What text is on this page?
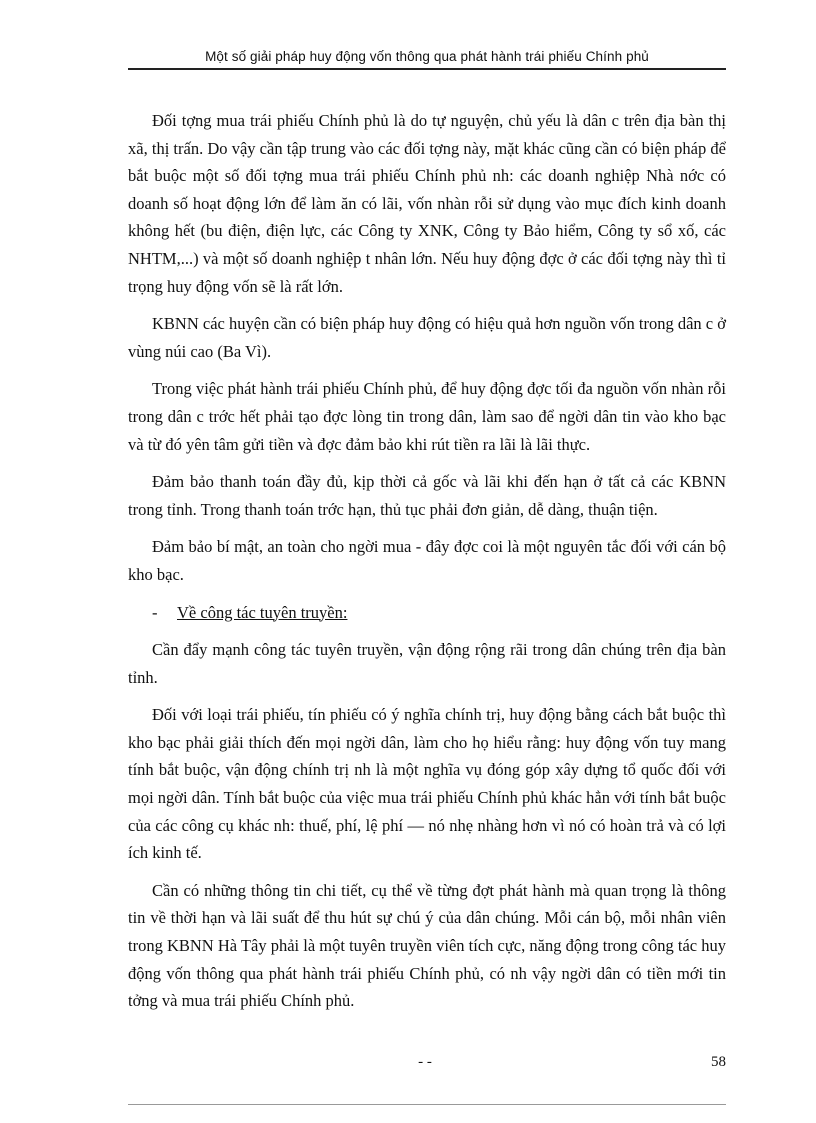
Một số giải pháp huy động vốn thông qua phát hành trái phiếu Chính phủ

Đối tợng mua trái phiếu Chính phủ là do tự nguyện, chủ yếu là dân c trên địa bàn thị xã, thị trấn. Do vậy cần tập trung vào các đối tợng này, mặt khác cũng cần có biện pháp để bắt buộc một số đối tợng mua trái phiếu Chính phủ nh: các doanh nghiệp Nhà nớc có doanh số hoạt động lớn để làm ăn có lãi, vốn nhàn rỗi sử dụng vào mục đích kinh doanh không hết (bu điện, điện lực, các Công ty XNK, Công ty Bảo hiểm, Công ty sổ xố, các NHTM,...) và một số doanh nghiệp t nhân lớn. Nếu huy động đợc ở các đối tợng này thì tỉ trọng huy động vốn sẽ là rất lớn.

KBNN các huyện cần có biện pháp huy động có hiệu quả hơn nguồn vốn trong dân c ở vùng núi cao (Ba Vì).

Trong việc phát hành trái phiếu Chính phủ, để huy động đợc tối đa nguồn vốn nhàn rỗi trong dân c trớc hết phải tạo đợc lòng tin trong dân, làm sao để ngời dân tin vào kho bạc và từ đó yên tâm gửi tiền và đợc đảm bảo khi rút tiền ra lãi là lãi thực.

Đảm bảo thanh toán đầy đủ, kịp thời cả gốc và lãi khi đến hạn ở tất cả các KBNN trong tỉnh. Trong thanh toán trớc hạn, thủ tục phải đơn giản, dễ dàng, thuận tiện.

Đảm bảo bí mật, an toàn cho ngời mua - đây đợc coi là một nguyên tắc đối với cán bộ kho bạc.

-	Về công tác tuyên truyền:

Cần đẩy mạnh công tác tuyên truyền, vận động rộng rãi trong dân chúng trên địa bàn tỉnh.

Đối với loại trái phiếu, tín phiếu có ý nghĩa chính trị, huy động bằng cách bắt buộc thì kho bạc phải giải thích đến mọi ngời dân, làm cho họ hiểu rằng: huy động vốn tuy mang tính bắt buộc, vận động chính trị nh là một nghĩa vụ đóng góp xây dựng tổ quốc đối với mọi ngời dân. Tính bắt buộc của việc mua trái phiếu Chính phủ khác hẳn với tính bắt buộc của các công cụ khác nh: thuế, phí, lệ phí — nó nhẹ nhàng hơn vì nó có hoàn trả và có lợi ích kinh tế.

Cần có những thông tin chi tiết, cụ thể về từng đợt phát hành mà quan trọng là thông tin về thời hạn và lãi suất để thu hút sự chú ý của dân chúng. Mỗi cán bộ, mỗi nhân viên trong KBNN Hà Tây phải là một tuyên truyền viên tích cực, năng động trong công tác huy động vốn thông qua phát hành trái phiếu Chính phủ, có nh vậy ngời dân có tiền mới tin tởng và mua trái phiếu Chính phủ.

- -	58
